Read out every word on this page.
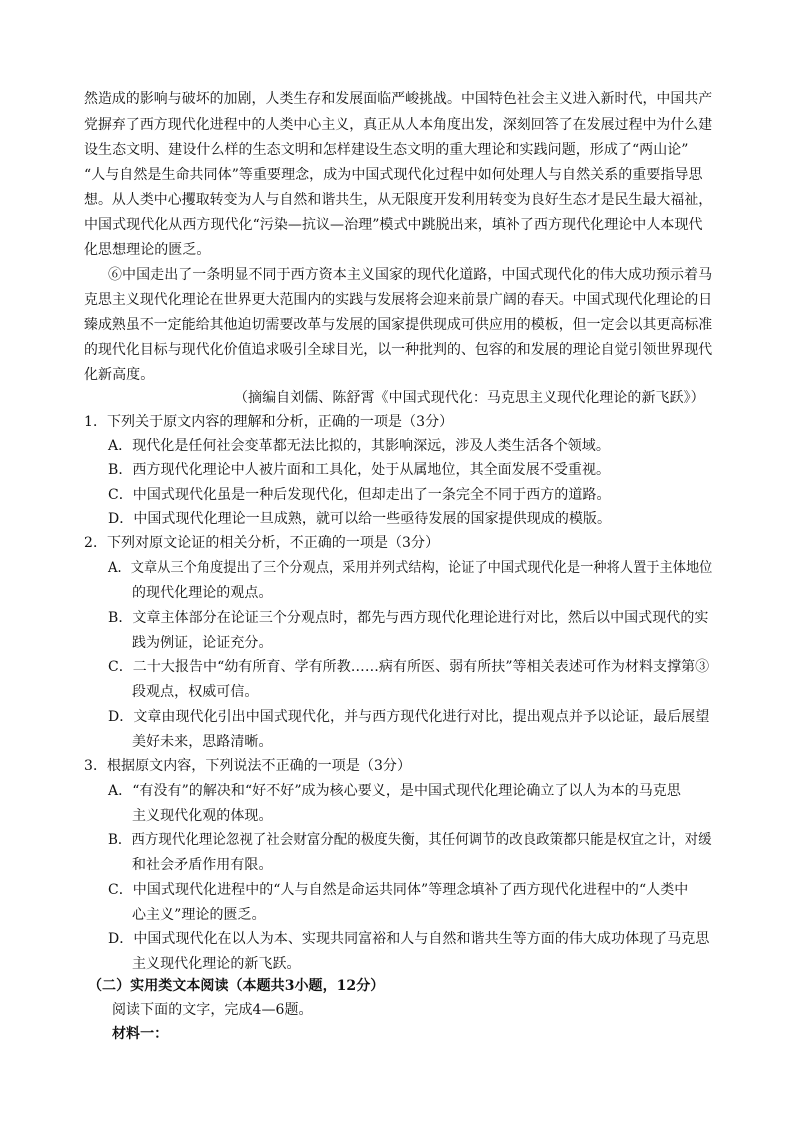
然造成的影响与破坏的加剧，人类生存和发展面临严峻挑战。中国特色社会主义进入新时代，中国共产
党摒弃了西方现代化进程中的人类中心主义，真正从人本角度出发，深刻回答了在发展过程中为什么建
设生态文明、建设什么样的生态文明和怎样建设生态文明的重大理论和实践问题，形成了“两山论”
“人与自然是生命共同体”等重要理念，成为中国式现代化过程中如何处理人与自然关系的重要指导思
想。从人类中心攫取转变为人与自然和谐共生，从无限度开发利用转变为良好生态才是民生最大福祉，
中国式现代化从西方现代化“污染—抗议—治理”模式中跳脱出来，填补了西方现代化理论中人本现代
化思想理论的匮乏。
⑥中国走出了一条明显不同于西方资本主义国家的现代化道路，中国式现代化的伟大成功预示着马
克思主义现代化理论在世界更大范围内的实践与发展将会迎来前景广阔的春天。中国式现代化理论的日
臻成熟虽不一定能给其他迫切需要改革与发展的国家提供现成可供应用的模板，但一定会以其更高标准
的现代化目标与现代化价值追求吸引全球目光，以一种批判的、包容的和发展的理论自觉引领世界现代
化新高度。
（摘编自刘儒、陈舒霄《中国式现代化：马克思主义现代化理论的新飞跃》）
1．下列关于原文内容的理解和分析，正确的一项是（3分）
A．现代化是任何社会变革都无法比拟的，其影响深远，涉及人类生活各个领域。
B．西方现代化理论中人被片面和工具化，处于从属地位，其全面发展不受重视。
C．中国式现代化虽是一种后发现代化，但却走出了一条完全不同于西方的道路。
D．中国式现代化理论一旦成熟，就可以给一些亟待发展的国家提供现成的模版。
2．下列对原文论证的相关分析，不正确的一项是（3分）
A．文章从三个角度提出了三个分观点，采用并列式结构，论证了中国式现代化是一种将人置于主体地位
的现代化理论的观点。
B．文章主体部分在论证三个分观点时，都先与西方现代化理论进行对比，然后以中国式现代的实
践为例证，论证充分。
C．二十大报告中“幼有所育、学有所教……病有所医、弱有所扶”等相关表述可作为材料支撑第③
段观点，权威可信。
D．文章由现代化引出中国式现代化，并与西方现代化进行对比，提出观点并予以论证，最后展望
美好未来，思路清晰。
3．根据原文内容，下列说法不正确的一项是（3分）
A．“有没有”的解决和“好不好”成为核心要义，是中国式现代化理论确立了以人为本的马克思
主义现代化观的体现。
B．西方现代化理论忽视了社会财富分配的极度失衡，其任何调节的改良政策都只能是权宜之计，对缓
和社会矛盾作用有限。
C．中国式现代化进程中的“人与自然是命运共同体”等理念填补了西方现代化进程中的“人类中
心主义”理论的匮乏。
D．中国式现代化在以人为本、实现共同富裕和人与自然和谐共生等方面的伟大成功体现了马克思
主义现代化理论的新飞跃。
（二）实用类文本阅读（本题共3小题，12分）
阅读下面的文字，完成4—6题。
材料一：
